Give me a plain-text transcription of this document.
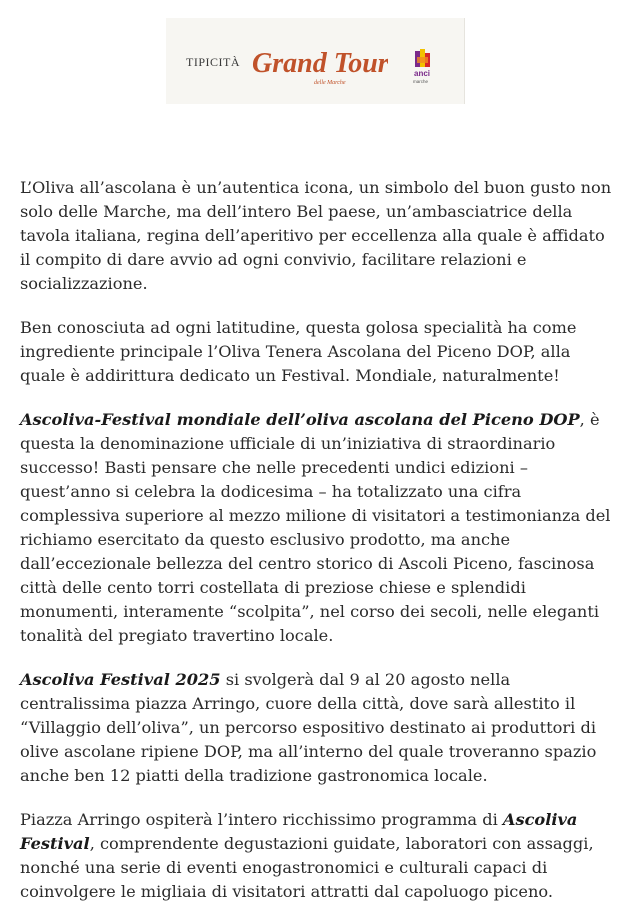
TIPICITÀ Grand Tour
delle Marche
anci
marche

L’Oliva all’ascolana è un’autentica icona, un simbolo del buon gusto non solo delle Marche, ma dell’intero Bel paese, un’ambasciatrice della tavola italiana, regina dell’aperitivo per eccellenza alla quale è affidato il compito di dare avvio ad ogni convivio, facilitare relazioni e socializzazione.

Ben conosciuta ad ogni latitudine, questa golosa specialità ha come ingrediente principale l’Oliva Tenera Ascolana del Piceno DOP, alla quale è addirittura dedicato un Festival. Mondiale, naturalmente!

Ascoliva-Festival mondiale dell’oliva ascolana del Piceno DOP, è questa la denominazione ufficiale di un’iniziativa di straordinario successo! Basti pensare che nelle precedenti undici edizioni – quest’anno si celebra la dodicesima – ha totalizzato una cifra complessiva superiore al mezzo milione di visitatori a testimonianza del richiamo esercitato da questo esclusivo prodotto, ma anche dall’eccezionale bellezza del centro storico di Ascoli Piceno, fascinosa città delle cento torri costellata di preziose chiese e splendidi monumenti, interamente “scolpita”, nel corso dei secoli, nelle eleganti tonalità del pregiato travertino locale.

Ascoliva Festival 2025 si svolgerà dal 9 al 20 agosto nella centralissima piazza Arringo, cuore della città, dove sarà allestito il “Villaggio dell’oliva”, un percorso espositivo destinato ai produttori di olive ascolane ripiene DOP, ma all’interno del quale troveranno spazio anche ben 12 piatti della tradizione gastronomica locale.

Piazza Arringo ospiterà l’intero ricchissimo programma di Ascoliva Festival, comprendente degustazioni guidate, laboratori con assaggi, nonché una serie di eventi enogastronomici e culturali capaci di coinvolgere le migliaia di visitatori attratti dal capoluogo piceno.
